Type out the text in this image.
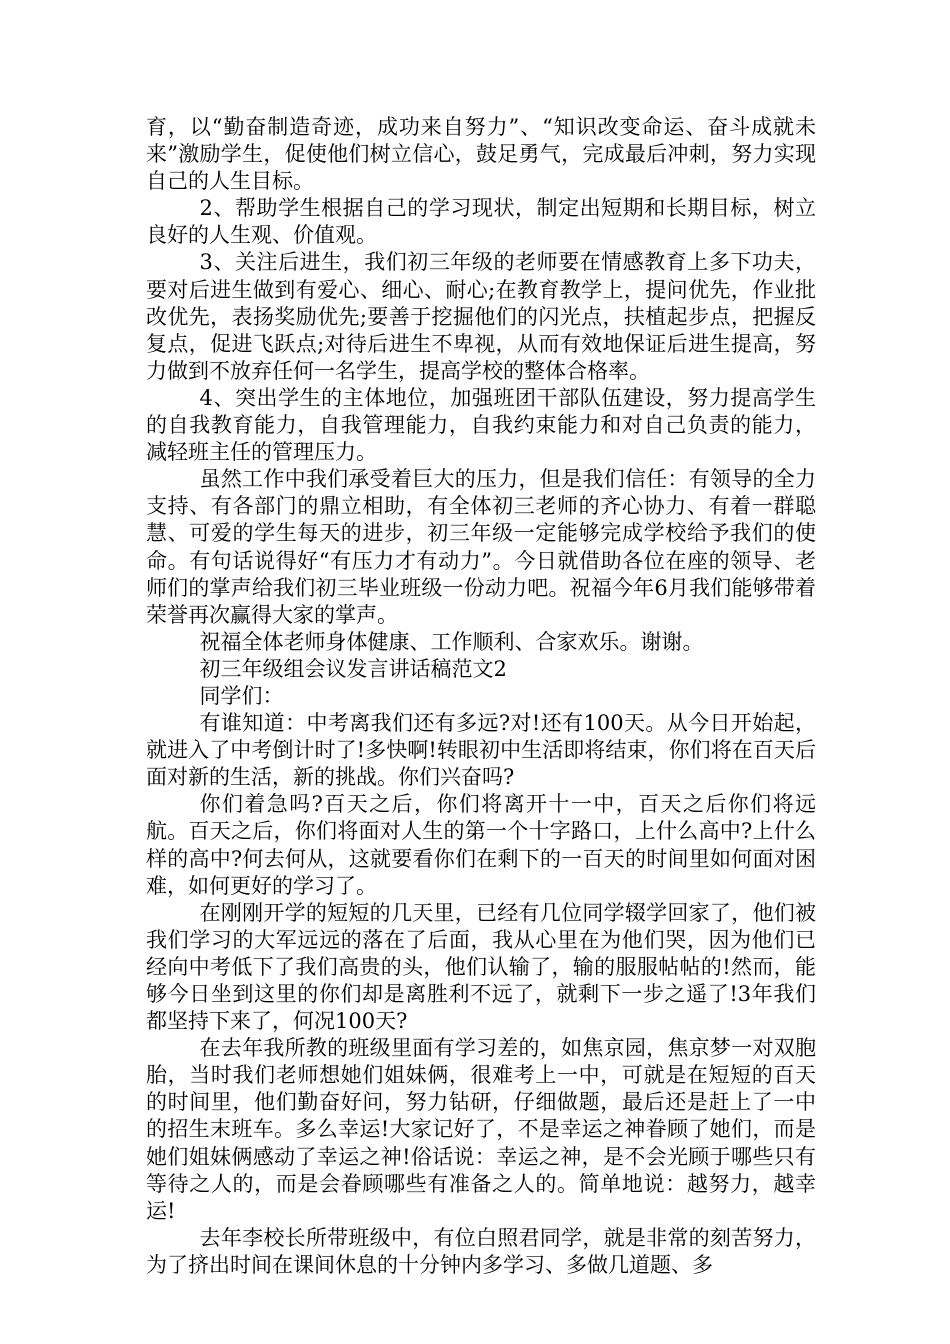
育，以“勤奋制造奇迹，成功来自努力”、“知识改变命运、奋斗成就未来”激励学生，促使他们树立信心，鼓足勇气，完成最后冲刺，努力实现自己的人生目标。

2、帮助学生根据自己的学习现状，制定出短期和长期目标，树立良好的人生观、价值观。

3、关注后进生，我们初三年级的老师要在情感教育上多下功夫，要对后进生做到有爱心、细心、耐心;在教育教学上，提问优先，作业批改优先，表扬奖励优先;要善于挖掘他们的闪光点，扶植起步点，把握反复点，促进飞跃点;对待后进生不卑视，从而有效地保证后进生提高，努力做到不放弃任何一名学生，提高学校的整体合格率。

4、突出学生的主体地位，加强班团干部队伍建设，努力提高学生的自我教育能力，自我管理能力，自我约束能力和对自己负责的能力，减轻班主任的管理压力。

虽然工作中我们承受着巨大的压力，但是我们信任：有领导的全力支持、有各部门的鼎立相助，有全体初三老师的齐心协力、有着一群聪慧、可爱的学生每天的进步，初三年级一定能够完成学校给予我们的使命。有句话说得好“有压力才有动力”。今日就借助各位在座的领导、老师们的掌声给我们初三毕业班级一份动力吧。祝福今年6月我们能够带着荣誉再次赢得大家的掌声。

祝福全体老师身体健康、工作顺利、合家欢乐。谢谢。

初三年级组会议发言讲话稿范文2

同学们：

有谁知道：中考离我们还有多远?对!还有100天。从今日开始起，就进入了中考倒计时了!多快啊!转眼初中生活即将结束，你们将在百天后面对新的生活，新的挑战。你们兴奋吗?

你们着急吗?百天之后，你们将离开十一中，百天之后你们将远航。百天之后，你们将面对人生的第一个十字路口，上什么高中?上什么样的高中?何去何从，这就要看你们在剩下的一百天的时间里如何面对困难，如何更好的学习了。

在刚刚开学的短短的几天里，已经有几位同学辍学回家了，他们被我们学习的大军远远的落在了后面，我从心里在为他们哭，因为他们已经向中考低下了我们高贵的头，他们认输了，输的服服帖帖的!然而，能够今日坐到这里的你们却是离胜利不远了，就剩下一步之遥了!3年我们都坚持下来了，何况100天?

在去年我所教的班级里面有学习差的，如焦京园，焦京梦一对双胞胎，当时我们老师想她们姐妹俩，很难考上一中，可就是在短短的百天的时间里，他们勤奋好问，努力钻研，仔细做题，最后还是赶上了一中的招生末班车。多么幸运!大家记好了，不是幸运之神眷顾了她们，而是她们姐妹俩感动了幸运之神!俗话说：幸运之神，是不会光顾于哪些只有等待之人的，而是会眷顾哪些有准备之人的。简单地说：越努力，越幸运!

去年李校长所带班级中，有位白照君同学，就是非常的刻苦努力，为了挤出时间在课间休息的十分钟内多学习、多做几道题、多
